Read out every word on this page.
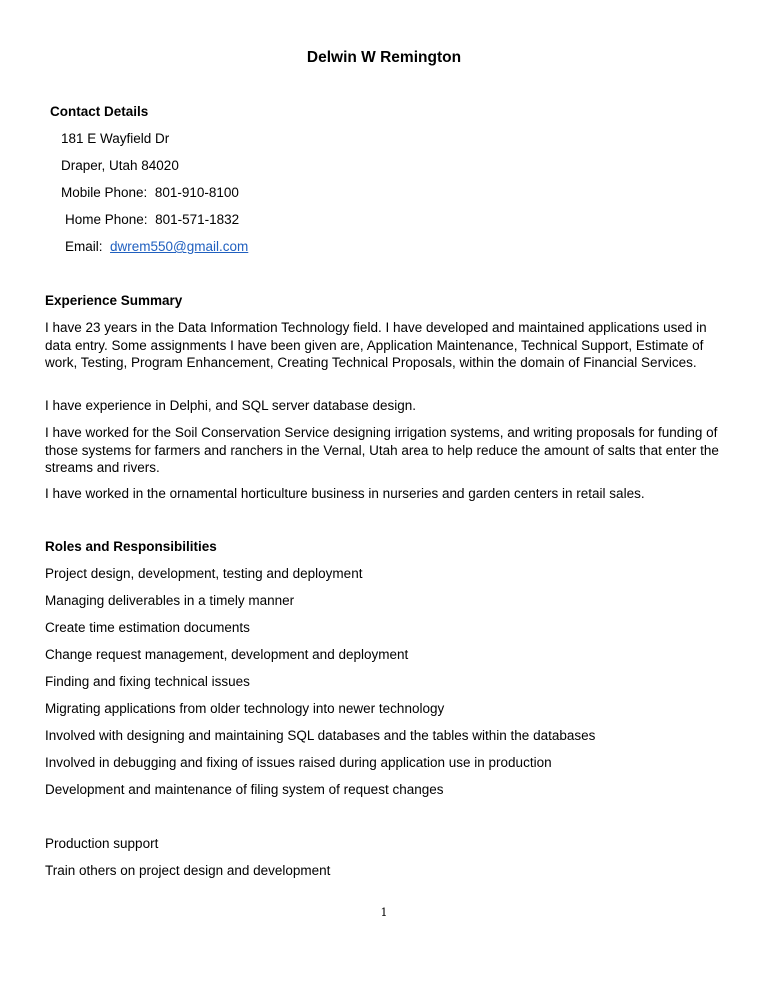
Delwin W Remington
Contact Details
181 E Wayfield Dr
Draper, Utah 84020
Mobile Phone: 801-910-8100
Home Phone: 801-571-1832
Email: dwrem550@gmail.com
Experience Summary
I have 23 years in the Data Information Technology field. I have developed and maintained applications used in data entry. Some assignments I have been given are, Application Maintenance, Technical Support, Estimate of work, Testing, Program Enhancement, Creating Technical Proposals, within the domain of Financial Services.
I have experience in Delphi, and SQL server database design.
I have worked for the Soil Conservation Service designing irrigation systems, and writing proposals for funding of those systems for farmers and ranchers in the Vernal, Utah area to help reduce the amount of salts that enter the streams and rivers.
I have worked in the ornamental horticulture business in nurseries and garden centers in retail sales.
Roles and Responsibilities
Project design, development, testing and deployment
Managing deliverables in a timely manner
Create time estimation documents
Change request management, development and deployment
Finding and fixing technical issues
Migrating applications from older technology into newer technology
Involved with designing and maintaining SQL databases and the tables within the databases
Involved in debugging and fixing of issues raised during application use in production
Development and maintenance of filing system of request changes
Production support
Train others on project design and development
1
